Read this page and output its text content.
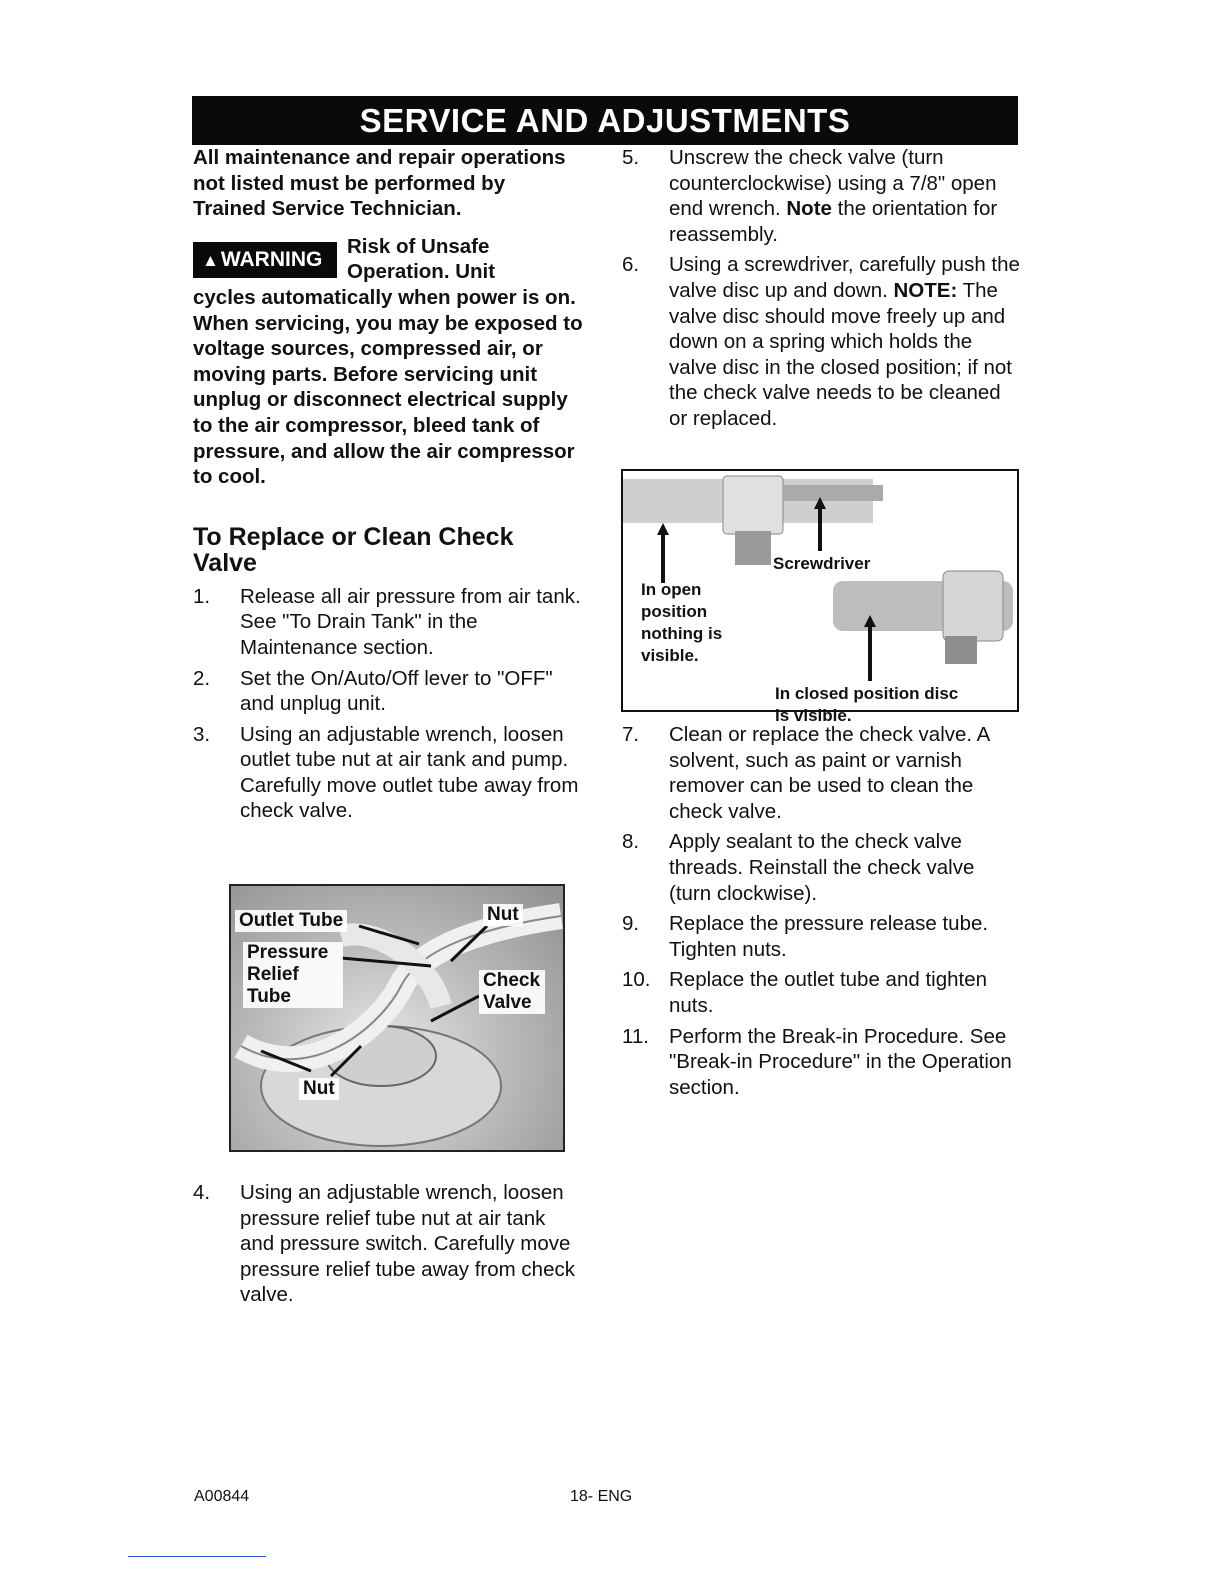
SERVICE AND ADJUSTMENTS

All maintenance and repair operations not listed must be performed by Trained Service Technician.

▲WARNING

Risk of Unsafe Operation. Unit

cycles automatically when power is on. When servicing, you may be exposed to voltage sources, compressed air, or moving parts. Before servicing unit unplug or disconnect electrical supply to the air compressor, bleed tank of pressure, and allow the air compressor to cool.

To Replace or Clean Check Valve
1. Release all air pressure from air tank. See "To Drain Tank" in the Maintenance section.
2. Set the On/Auto/Off lever to "OFF" and unplug unit.
3. Using an adjustable wrench, loosen outlet tube nut at air tank and pump. Carefully move outlet tube away from check valve.
Outlet Tube
Pressure Relief Tube
Nut
Check Valve
Nut
4. Using an adjustable wrench, loosen pressure relief tube nut at air tank and pressure switch. Carefully move pressure relief tube away from check valve.
5. Unscrew the check valve (turn counterclockwise) using a 7/8" open end wrench. Note the orientation for reassembly.
6. Using a screwdriver, carefully push the valve disc up and down. NOTE: The valve disc should move freely up and down on a spring which holds the valve disc in the closed position; if not the check valve needs to be cleaned or replaced.
Screwdriver
In open position nothing is visible.
In closed position disc is visible.
7. Clean or replace the check valve. A solvent, such as paint or varnish remover can be used to clean the check valve.
8. Apply sealant to the check valve threads. Reinstall the check valve (turn clockwise).
9. Replace the pressure release tube. Tighten nuts.
10. Replace the outlet tube and tighten nuts.
11. Perform the Break-in Procedure. See "Break-in Procedure" in the Operation section.
A00844	18- ENG
